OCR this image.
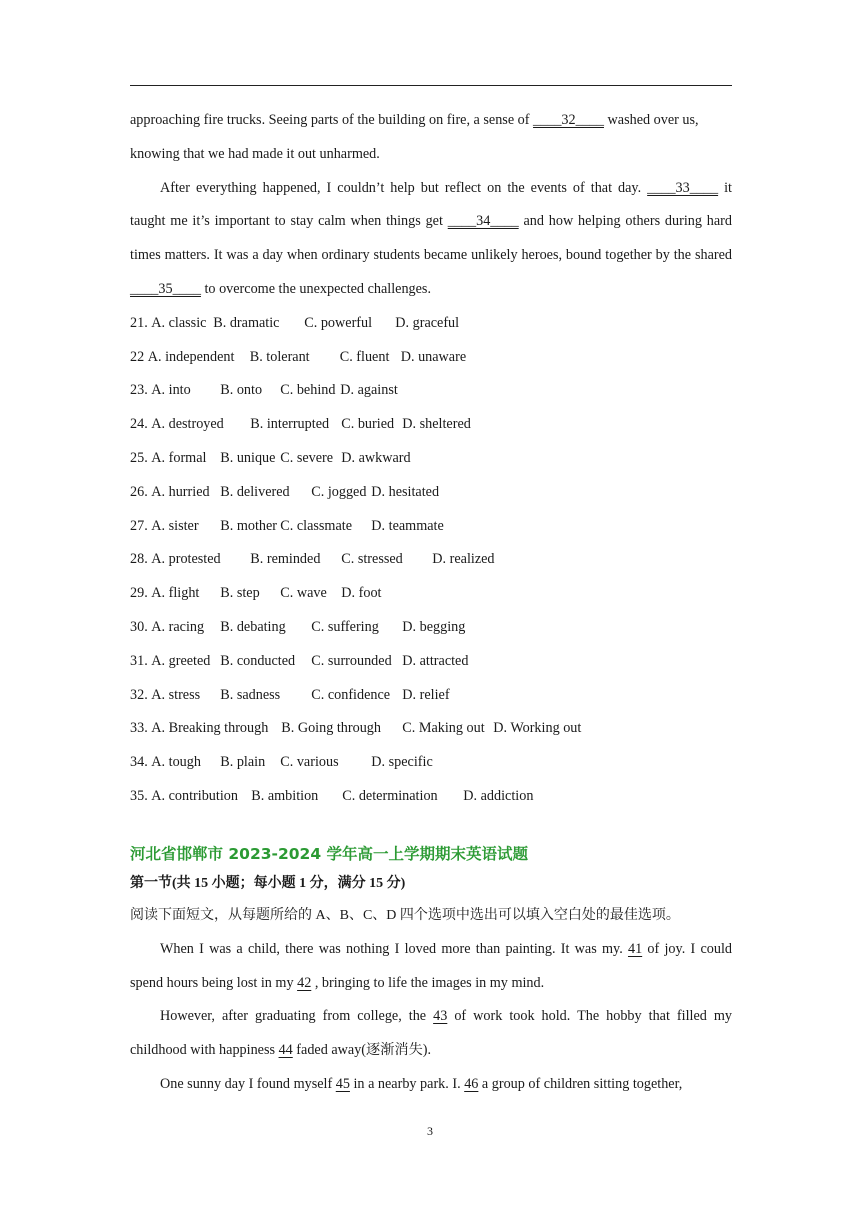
approaching fire trucks. Seeing parts of the building on fire, a sense of ____32____ washed over us,
knowing that we had made it out unharmed.

After everything happened, I couldn’t help but reflect on the events of that day. ____33____ it taught me it’s important to stay calm when things get ____34____ and how helping others during hard times matters. It was a day when ordinary students became unlikely heroes, bound together by the shared ____35____ to overcome the unexpected challenges.

21. A. classic B. dramatic C. powerful D. graceful

22 A. independent B. tolerant C. fluent D. unaware

23. A. into B. onto C. behind D. against

24. A. destroyed B. interrupted C. buried D. sheltered

25. A. formal B. unique C. severe D. awkward

26. A. hurried B. delivered C. jogged D. hesitated

27. A. sister B. mother C. classmate D. teammate

28. A. protested B. reminded C. stressed D. realized

29. A. flight B. step C. wave D. foot

30. A. racing B. debating C. suffering D. begging

31. A. greeted B. conducted C. surrounded D. attracted

32. A. stress B. sadness C. confidence D. relief

33. A. Breaking through B. Going through C. Making out D. Working out

34. A. tough B. plain C. various D. specific

35. A. contribution B. ambition C. determination D. addiction

河北省邯郸市 2023-2024 学年高一上学期期末英语试题

第一节(共 15 小题；每小题 1 分，满分 15 分)

阅读下面短文，从每题所给的 A、B、C、D 四个选项中选出可以填入空白处的最佳选项。

When I was a child, there was nothing I loved more than painting. It was my. 41 of joy. I could spend hours being lost in my 42 , bringing to life the images in my mind.

However, after graduating from college, the 43 of work took hold. The hobby that filled my childhood with happiness 44 faded away(逐渐消失).

One sunny day I found myself 45 in a nearby park. I. 46 a group of children sitting together,

3
